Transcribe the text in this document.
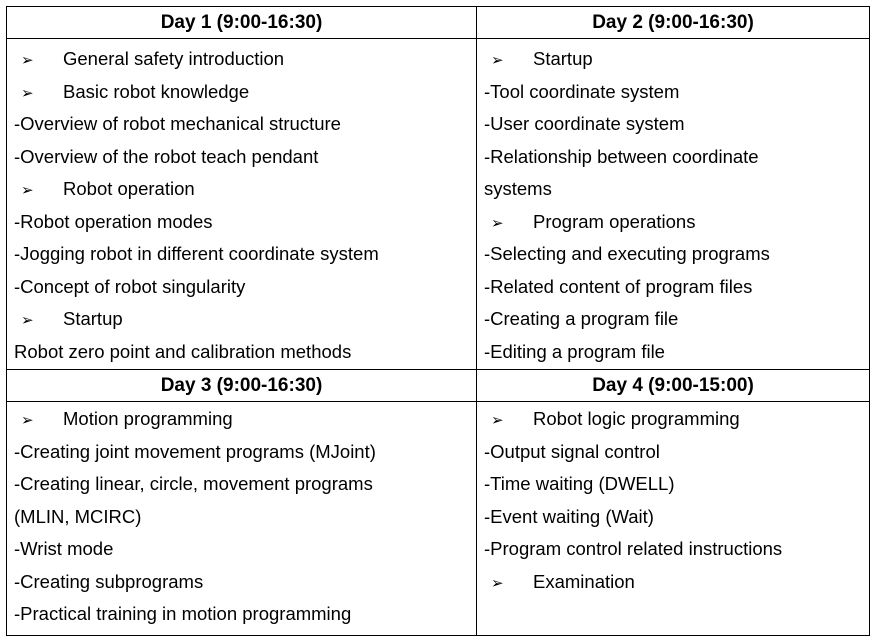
Day 1 (9:00-16:30)
➢ General safety introduction
➢ Basic robot knowledge
-Overview of robot mechanical structure
-Overview of the robot teach pendant
➢ Robot operation
-Robot operation modes
-Jogging robot in different coordinate system
-Concept of robot singularity
➢ Startup
Robot zero point and calibration methods
Day 3 (9:00-16:30)
➢ Motion programming
-Creating joint movement programs (MJoint)
-Creating linear, circle, movement programs
(MLIN, MCIRC)
-Wrist mode
-Creating subprograms
-Practical training in motion programming
Day 2 (9:00-16:30)
➢ Startup
-Tool coordinate system
-User coordinate system
-Relationship between coordinate
systems
➢ Program operations
-Selecting and executing programs
-Related content of program files
-Creating a program file
-Editing a program file
Day 4 (9:00-15:00)
➢ Robot logic programming
-Output signal control
-Time waiting (DWELL)
-Event waiting (Wait)
-Program control related instructions
➢ Examination
